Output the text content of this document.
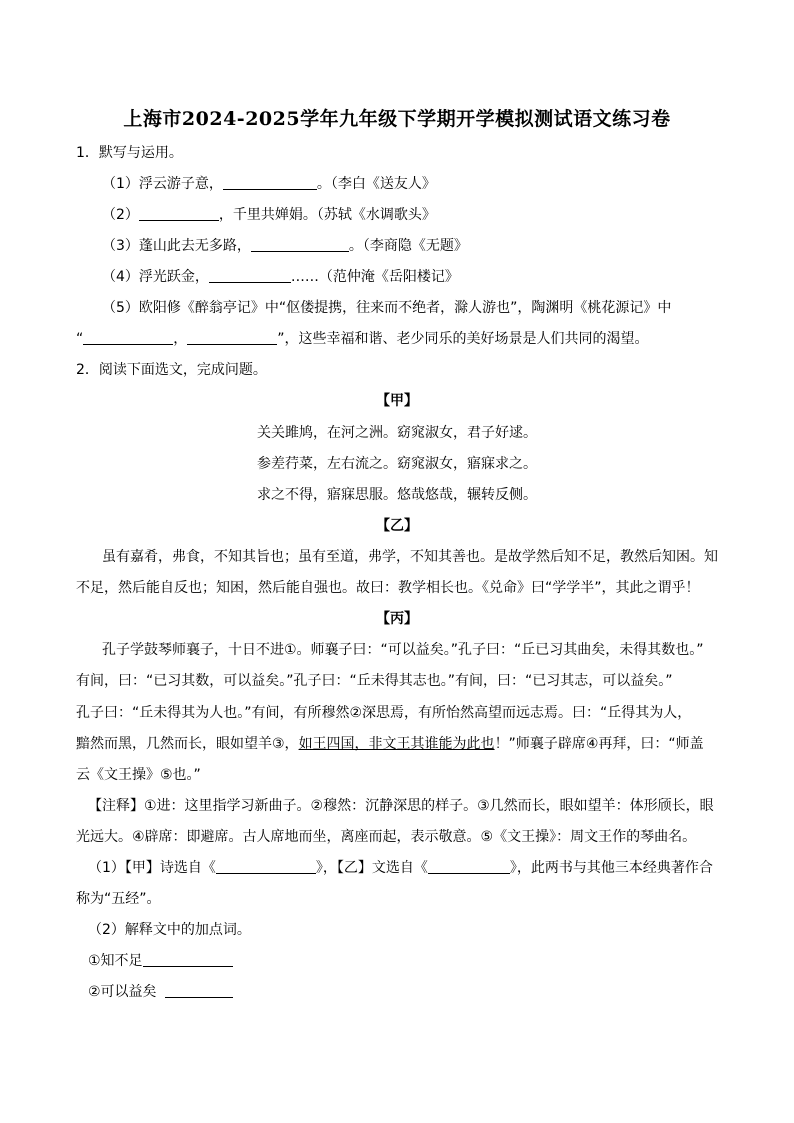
上海市2024-2025学年九年级下学期开学模拟测试语文练习卷
1．默写与运用。
（1）浮云游子意，	。（李白《送友人》
（2）	，千里共婵娟。（苏轼《水调歌头》
（3）蓬山此去无多路，	。（李商隐《无题》
（4）浮光跃金，	……（范仲淹《岳阳楼记》
（5）欧阳修《醉翁亭记》中“伛偻提携，往来而不绝者，滁人游也”，陶渊明《桃花源记》中
“	，	”，这些幸福和谐、老少同乐的美好场景是人们共同的渴望。
2．阅读下面选文，完成问题。
【甲】
关关雎鸠，在河之洲。窈窕淑女，君子好逑。
参差荇菜，左右流之。窈窕淑女，寤寐求之。
求之不得，寤寐思服。悠哉悠哉，辗转反侧。
【乙】
虽有嘉肴，弗食，不知其旨也；虽有至道，弗学，不知其善也。是故学然后知不足，教然后知困。知
不足，然后能自反也；知困，然后能自强也。故曰：教学相长也。《兑命》曰“学学半”，其此之谓乎！
【丙】
孔子学鼓琴师襄子，十日不进①。师襄子曰：“可以益矣。”孔子曰：“丘已习其曲矣，未得其数也。”
有间，曰：“已习其数，可以益矣。”孔子曰：“丘未得其志也。”有间，曰：“已习其志，可以益矣。”
孔子曰：“丘未得其为人也。”有间，有所穆然②深思焉，有所怡然高望而远志焉。曰：“丘得其为人，
黯然而黑，几然而长，眼如望羊③，如王四国，非文王其谁能为此也！”师襄子辟席④再拜，曰：“师盖
云《文王操》⑤也。”
【注释】①进：这里指学习新曲子。②穆然：沉静深思的样子。③几然而长，眼如望羊：体形颀长，眼
光远大。④辟席：即避席。古人席地而坐，离座而起，表示敬意。⑤《文王操》：周文王作的琴曲名。
（1）【甲】诗选自《	》，【乙】文选自《	》，此两书与其他三本经典著作合
称为“五经”。
（2）解释文中的加点词。
①知不足
②可以益矣
